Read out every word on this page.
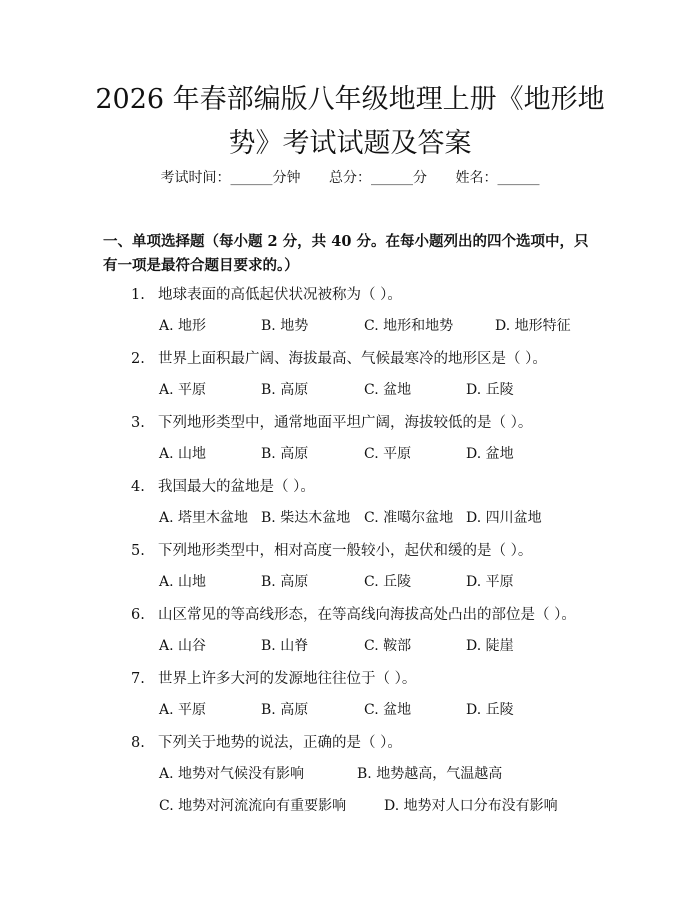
2026 年春部编版八年级地理上册《地形地
势》考试试题及答案
考试时间：______分钟 总分：______分 姓名：______
一、单项选择题（每小题 2 分，共 40 分。在每小题列出的四个选项中，只有一项是最符合题目要求的。）
1. 地球表面的高低起伏状况被称为（ ）。
A. 地形	B. 地势	C. 地形和地势	D. 地形特征
2. 世界上面积最广阔、海拔最高、气候最寒冷的地形区是（ ）。
A. 平原	B. 高原	C. 盆地	D. 丘陵
3. 下列地形类型中，通常地面平坦广阔，海拔较低的是（ ）。
A. 山地	B. 高原	C. 平原	D. 盆地
4. 我国最大的盆地是（ ）。
A. 塔里木盆地 B. 柴达木盆地 C. 准噶尔盆地 D. 四川盆地
5. 下列地形类型中，相对高度一般较小，起伏和缓的是（ ）。
A. 山地	B. 高原	C. 丘陵	D. 平原
6. 山区常见的等高线形态，在等高线向海拔高处凸出的部位是（ ）。
A. 山谷	B. 山脊	C. 鞍部	D. 陡崖
7. 世界上许多大河的发源地往往位于（ ）。
A. 平原	B. 高原	C. 盆地	D. 丘陵
8. 下列关于地势的说法，正确的是（ ）。
A. 地势对气候没有影响	B. 地势越高，气温越高
C. 地势对河流流向有重要影响	D. 地势对人口分布没有影响
